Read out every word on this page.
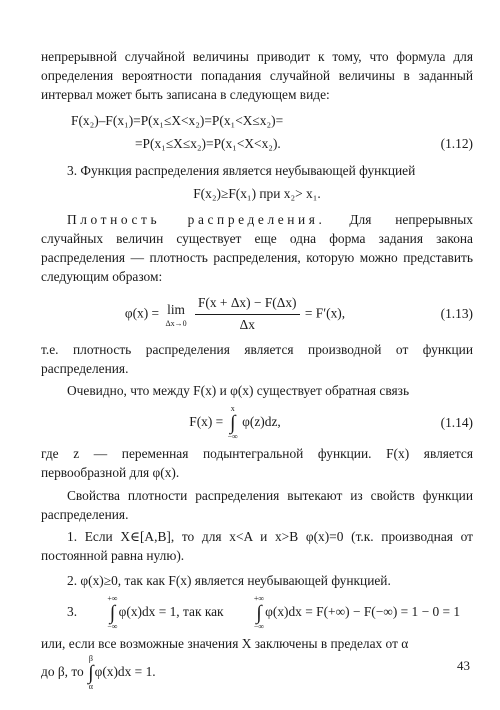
непрерывной случайной величины приводит к тому, что формула для определения вероятности попадания случайной величины в заданный интервал может быть записана в следующем виде:

F(x₂)–F(x₁)=P(x₁≤X<x₂)=P(x₁<X≤x₂)=
=P(x₁≤X≤x₂)=P(x₁<X<x₂).	(1.12)

3. Функция распределения является неубывающей функцией

F(x₂)≥F(x₁) при x₂> x₁.

Плотность распределения. Для непрерывных случайных величин существует еще одна форма задания закона распределения — плотность распределения, которую можно представить следующим образом:

φ(x) = lim
Δx→0
$\frac{F(x + \Delta x) - F(\Delta x)}{\Delta x} = F'(x)$,	(1.13)

т.е. плотность распределения является производной от функции распределения.

Очевидно, что между F(x) и φ(x) существует обратная связь

F(x) =
x
∫
−∞
φ(z)dz,	(1.14)

где z — переменная подынтегральной функции. F(x) является первообразной для φ(x).

Свойства плотности распределения вытекают из свойств функции распределения.

1. Если X∈[A,B], то для x<A и x>B φ(x)=0 (т.к. производная от постоянной равна нулю).

2. φ(x)≥0, так как F(x) является неубывающей функцией.

3.
+∞
∫
−∞
φ(x)dx = 1, так как
+∞
∫
−∞
φ(x)dx = F(+∞) − F(−∞) = 1 − 0 = 1

или, если все возможные значения X заключены в пределах от α

до β, то
β
∫
α
φ(x)dx = 1.	43
